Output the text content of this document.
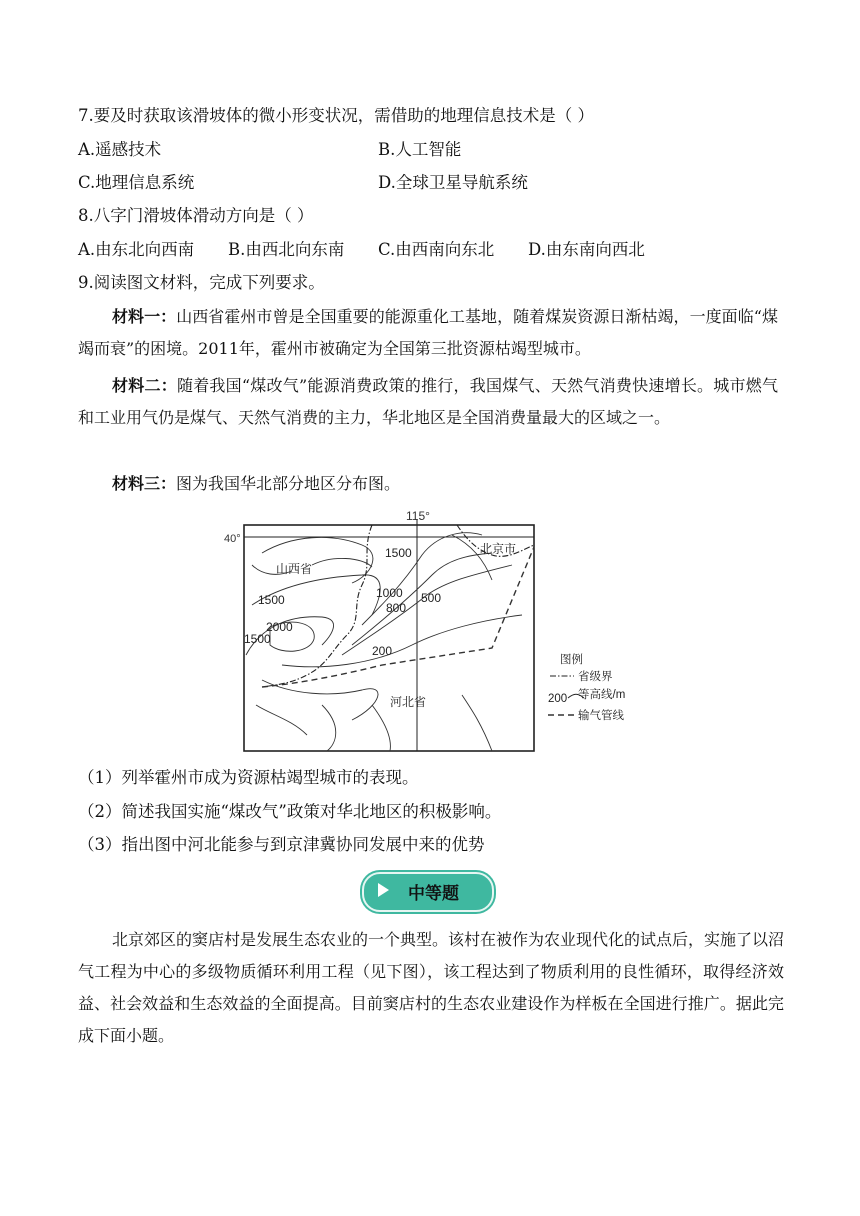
7.要及时获取该滑坡体的微小形变状况，需借助的地理信息技术是（ ）
A.遥感技术	B.人工智能
C.地理信息系统	D.全球卫星导航系统
8.八字门滑坡体滑动方向是（ ）
A.由东北向西南 B.由西北向东南 C.由西南向东北 D.由东南向西北
9.阅读图文材料，完成下列要求。
材料一：山西省霍州市曾是全国重要的能源重化工基地，随着煤炭资源日渐枯竭，一度面临“煤竭而衰”的困境。2011年，霍州市被确定为全国第三批资源枯竭型城市。
材料二：随着我国“煤改气”能源消费政策的推行，我国煤气、天然气消费快速增长。城市燃气和工业用气仍是煤气、天然气消费的主力，华北地区是全国消费量最大的区域之一。
材料三：图为我国华北部分地区分布图。
40°
115°
山西省
北京市
河北省
1500
1000
800
500
1500
2000
1500
200
图例
省级界
200 等高线/m
输气管线
（1）列举霍州市成为资源枯竭型城市的表现。
（2）简述我国实施“煤改气”政策对华北地区的积极影响。
（3）指出图中河北能参与到京津冀协同发展中来的优势
中等题
北京郊区的窦店村是发展生态农业的一个典型。该村在被作为农业现代化的试点后，实施了以沼气工程为中心的多级物质循环利用工程（见下图），该工程达到了物质利用的良性循环，取得经济效益、社会效益和生态效益的全面提高。目前窦店村的生态农业建设作为样板在全国进行推广。据此完成下面小题。
